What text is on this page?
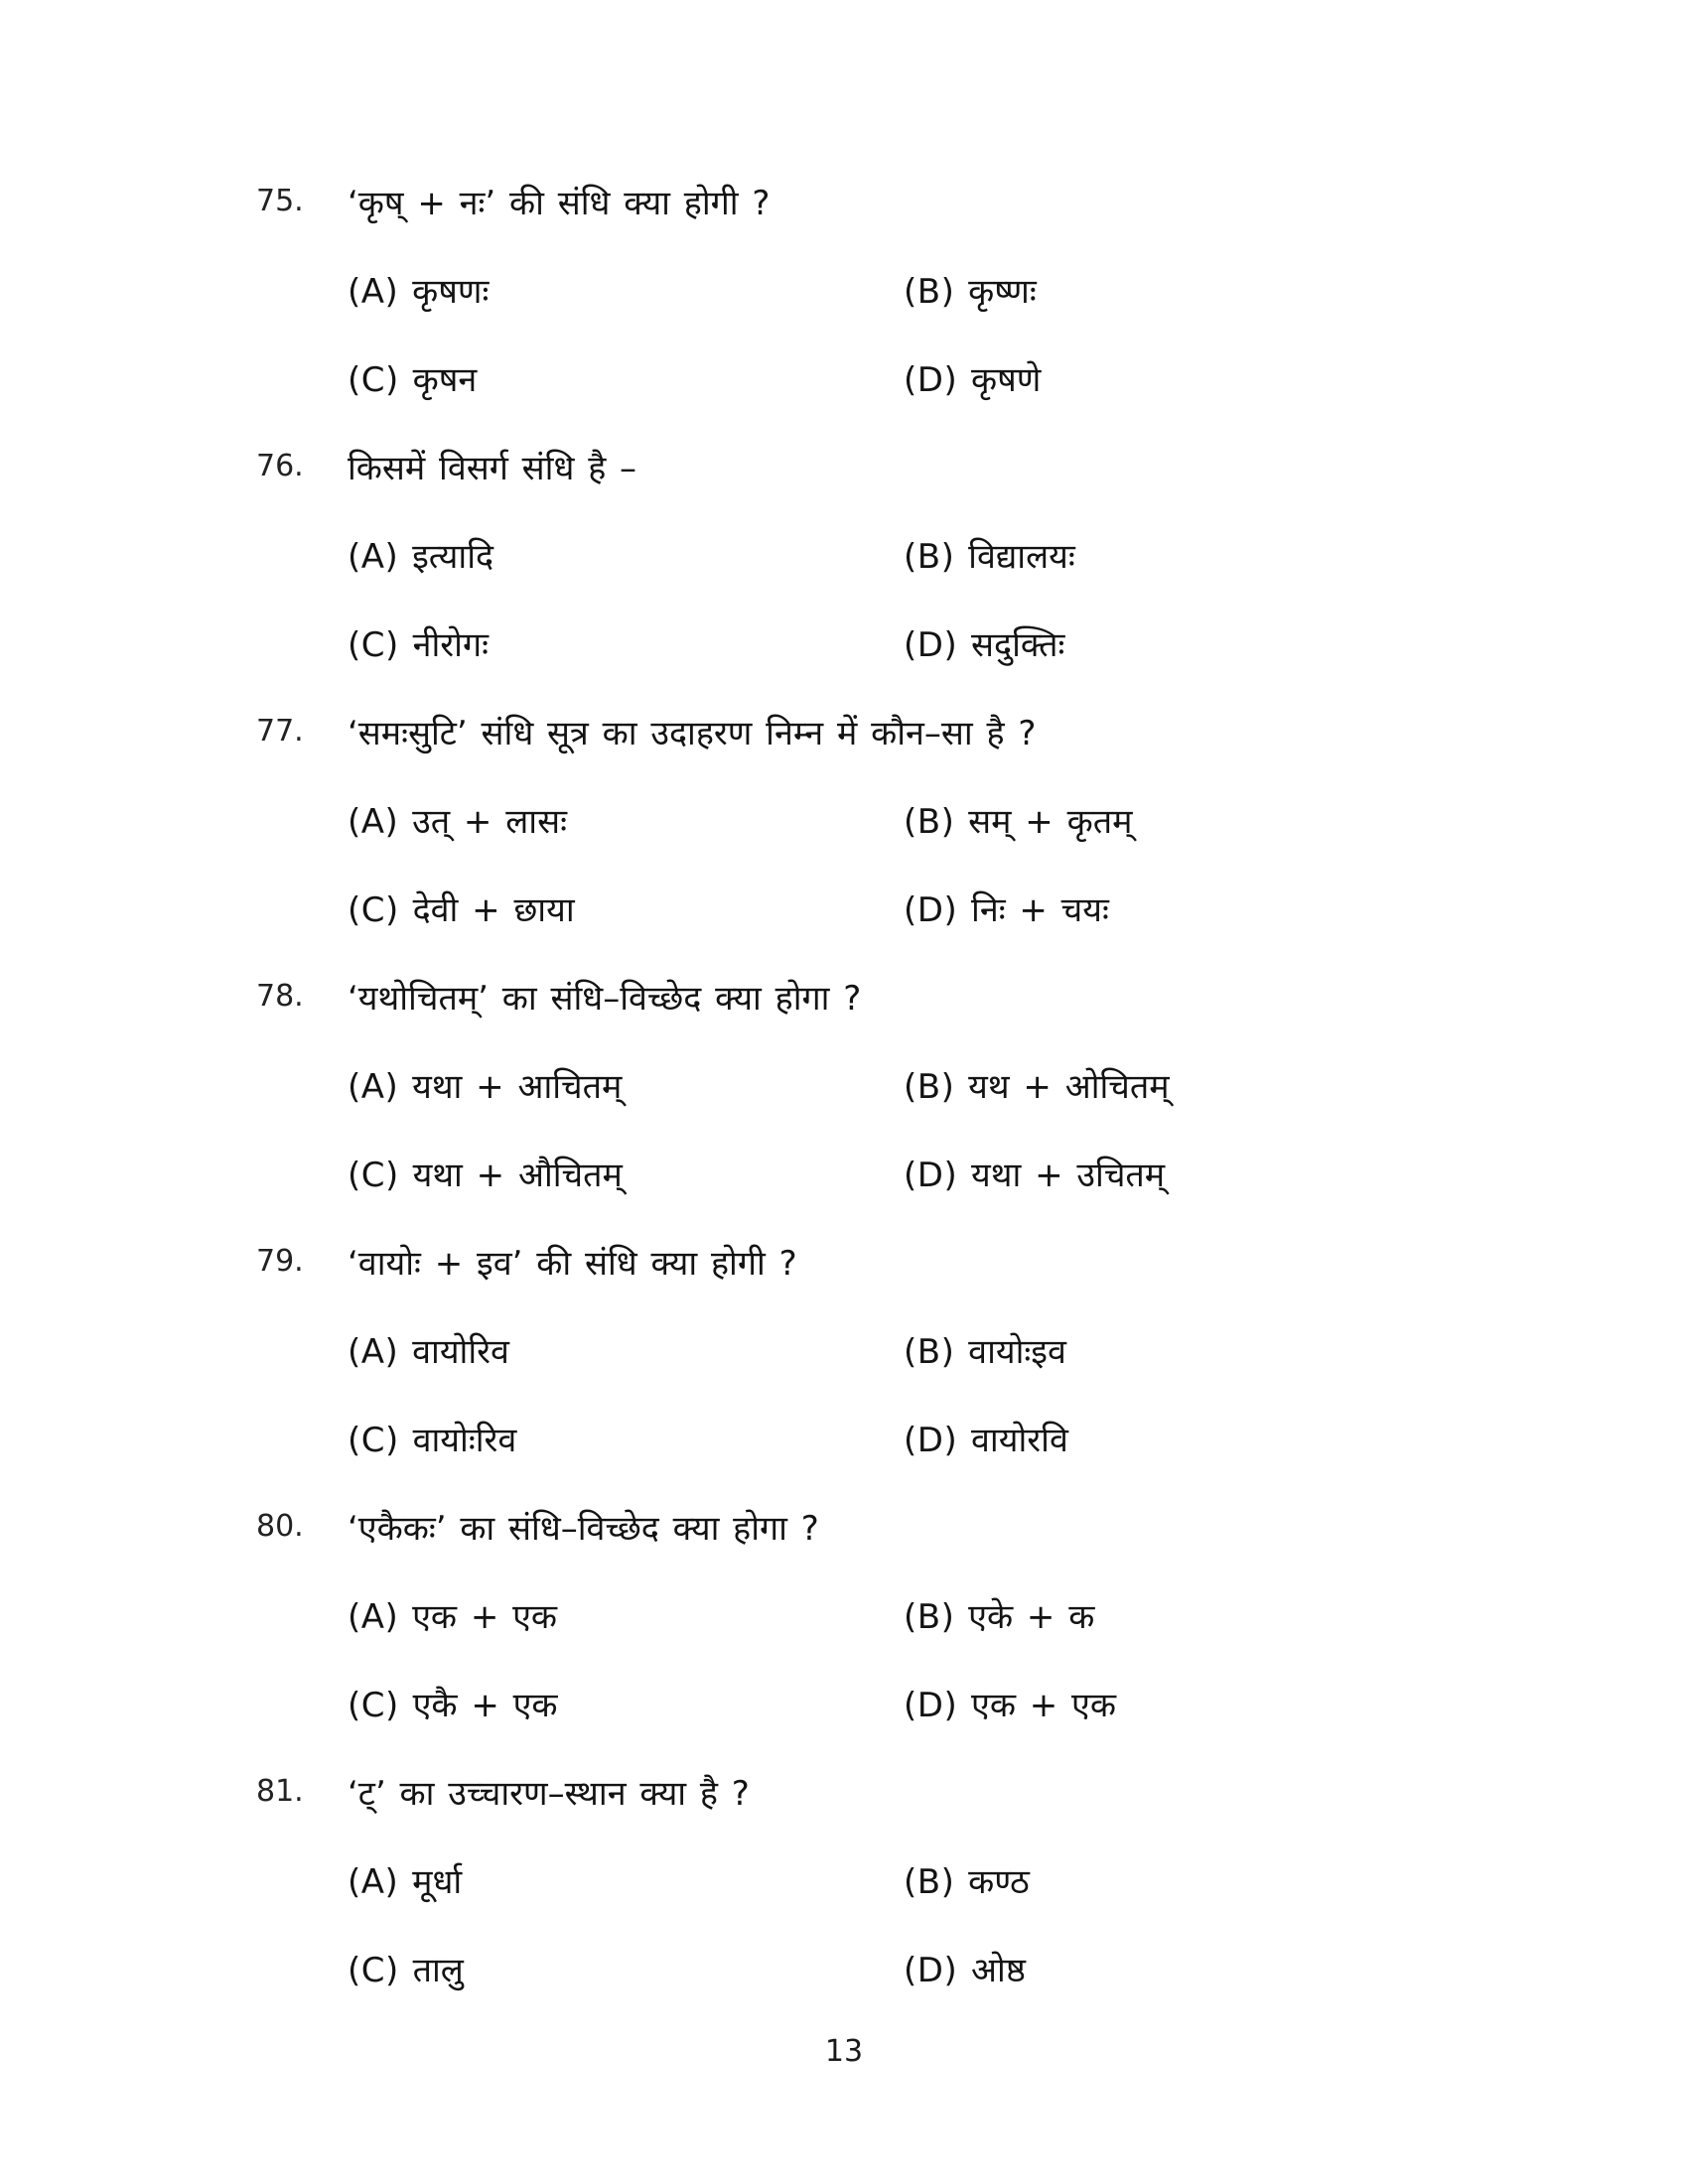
75.	‘कृष् + नः’ की संधि क्या होगी ?
(A) कृषणः	(B) कृष्णः
(C) कृषन	(D) कृषणे
76.	किसमें विसर्ग संधि है –
(A) इत्यादि	(B) विद्यालयः
(C) नीरोगः	(D) सदुक्तिः
77.	‘समःसुटि’ संधि सूत्र का उदाहरण निम्न में कौन–सा है ?
(A) उत् + लासः	(B) सम् + कृतम्
(C) देवी + छाया	(D) निः + चयः
78.	‘यथोचितम्’ का संधि–विच्छेद क्या होगा ?
(A) यथा + आचितम्	(B) यथ + ओचितम्
(C) यथा + औचितम्	(D) यथा + उचितम्
79.	‘वायोः + इव’ की संधि क्या होगी ?
(A) वायोरिव	(B) वायोःइव
(C) वायोःरिव	(D) वायोरवि
80.	‘एकैकः’ का संधि–विच्छेद क्या होगा ?
(A) एक + एक	(B) एके + क
(C) एकै + एक	(D) एक + एक
81.	‘ट्’ का उच्चारण–स्थान क्या है ?
(A) मूर्धा	(B) कण्ठ
(C) तालु	(D) ओष्ठ
13
